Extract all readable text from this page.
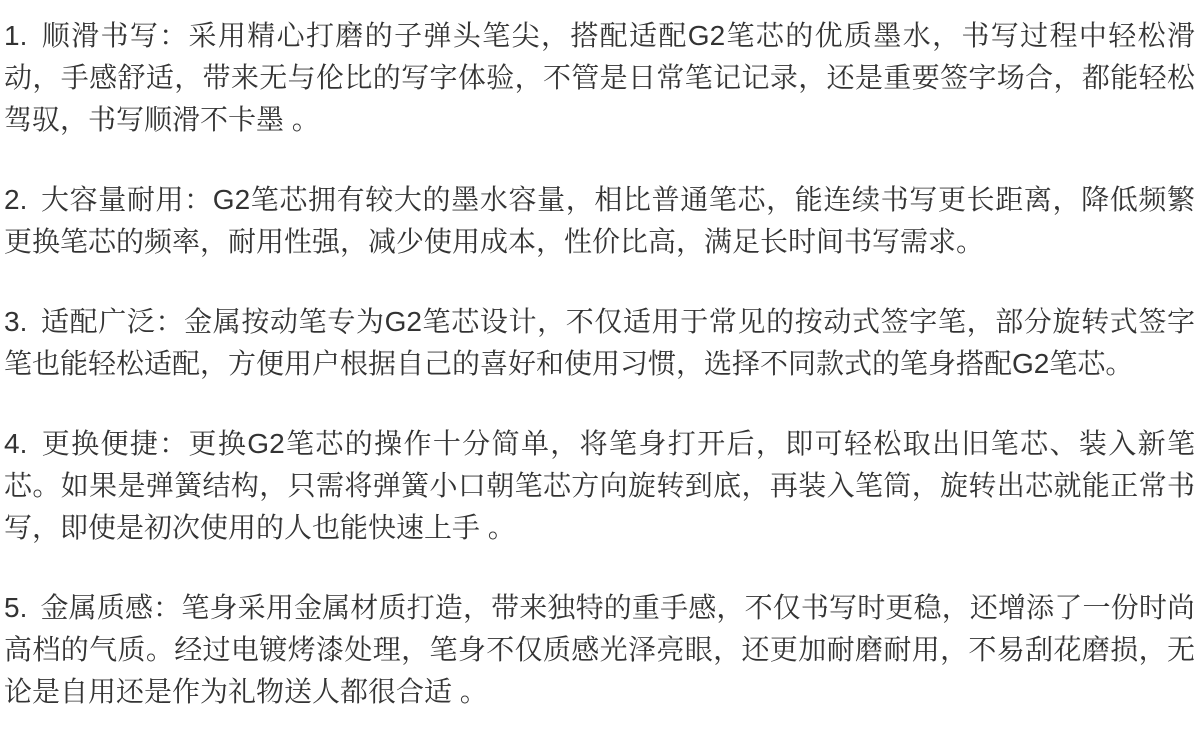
1. 顺滑书写：采用精心打磨的子弹头笔尖，搭配适配G2笔芯的优质墨水，书写过程中轻松滑动，手感舒适，带来无与伦比的写字体验，不管是日常笔记记录，还是重要签字场合，都能轻松驾驭，书写顺滑不卡墨 。

2. 大容量耐用：G2笔芯拥有较大的墨水容量，相比普通笔芯，能连续书写更长距离，降低频繁更换笔芯的频率，耐用性强，减少使用成本，性价比高，满足长时间书写需求。

3. 适配广泛：金属按动笔专为G2笔芯设计，不仅适用于常见的按动式签字笔，部分旋转式签字笔也能轻松适配，方便用户根据自己的喜好和使用习惯，选择不同款式的笔身搭配G2笔芯。

4. 更换便捷：更换G2笔芯的操作十分简单，将笔身打开后，即可轻松取出旧笔芯、装入新笔芯。如果是弹簧结构，只需将弹簧小口朝笔芯方向旋转到底，再装入笔筒，旋转出芯就能正常书写，即使是初次使用的人也能快速上手 。

5. 金属质感：笔身采用金属材质打造，带来独特的重手感，不仅书写时更稳，还增添了一份时尚高档的气质。经过电镀烤漆处理，笔身不仅质感光泽亮眼，还更加耐磨耐用，不易刮花磨损，无论是自用还是作为礼物送人都很合适 。
